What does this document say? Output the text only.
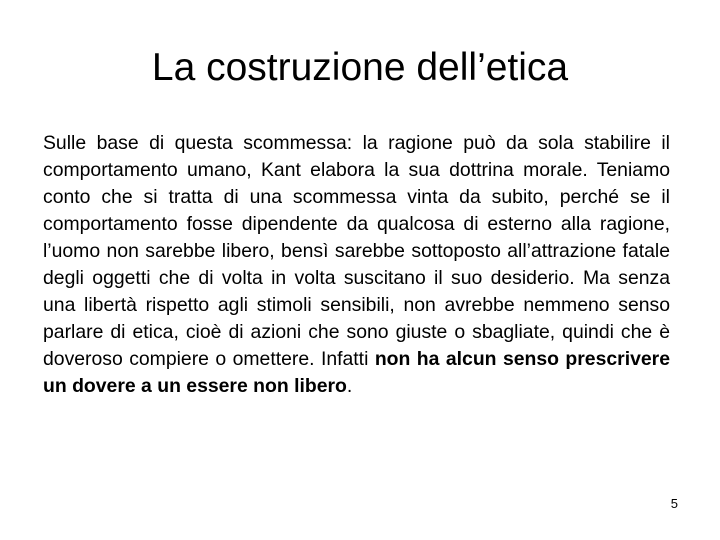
La costruzione dell’etica

Sulle base di questa scommessa: la ragione può da sola stabilire il comportamento umano, Kant elabora la sua dottrina morale. Teniamo conto che si tratta di una scommessa vinta da subito, perché se il comportamento fosse dipendente da qualcosa di esterno alla ragione, l’uomo non sarebbe libero, bensì sarebbe sottoposto all’attrazione fatale degli oggetti che di volta in volta suscitano il suo desiderio. Ma senza una libertà rispetto agli stimoli sensibili, non avrebbe nemmeno senso parlare di etica, cioè di azioni che sono giuste o sbagliate, quindi che è doveroso compiere o omettere. Infatti non ha alcun senso prescrivere un dovere a un essere non libero.

5
